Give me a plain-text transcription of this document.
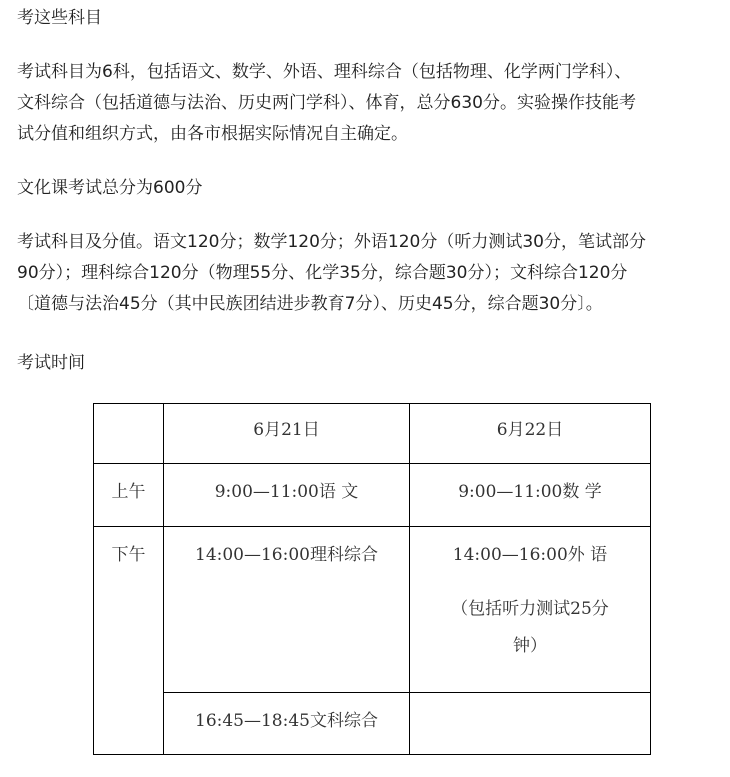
考这些科目

考试科目为6科，包括语文、数学、外语、理科综合（包括物理、化学两门学科）、
文科综合（包括道德与法治、历史两门学科）、体育，总分630分。实验操作技能考
试分值和组织方式，由各市根据实际情况自主确定。

文化课考试总分为600分

考试科目及分值。语文120分；数学120分；外语120分（听力测试30分，笔试部分
90分）；理科综合120分（物理55分、化学35分，综合题30分）；文科综合120分
〔道德与法治45分（其中民族团结进步教育7分）、历史45分，综合题30分〕。

考试时间

	6月21日	6月22日

上午	9:00—11:00语 文	9:00—11:00数 学

下午	14:00—16:00理科综合	14:00—16:00外 语
（包括听力测试25分钟）

	16:45—18:45文科综合	
